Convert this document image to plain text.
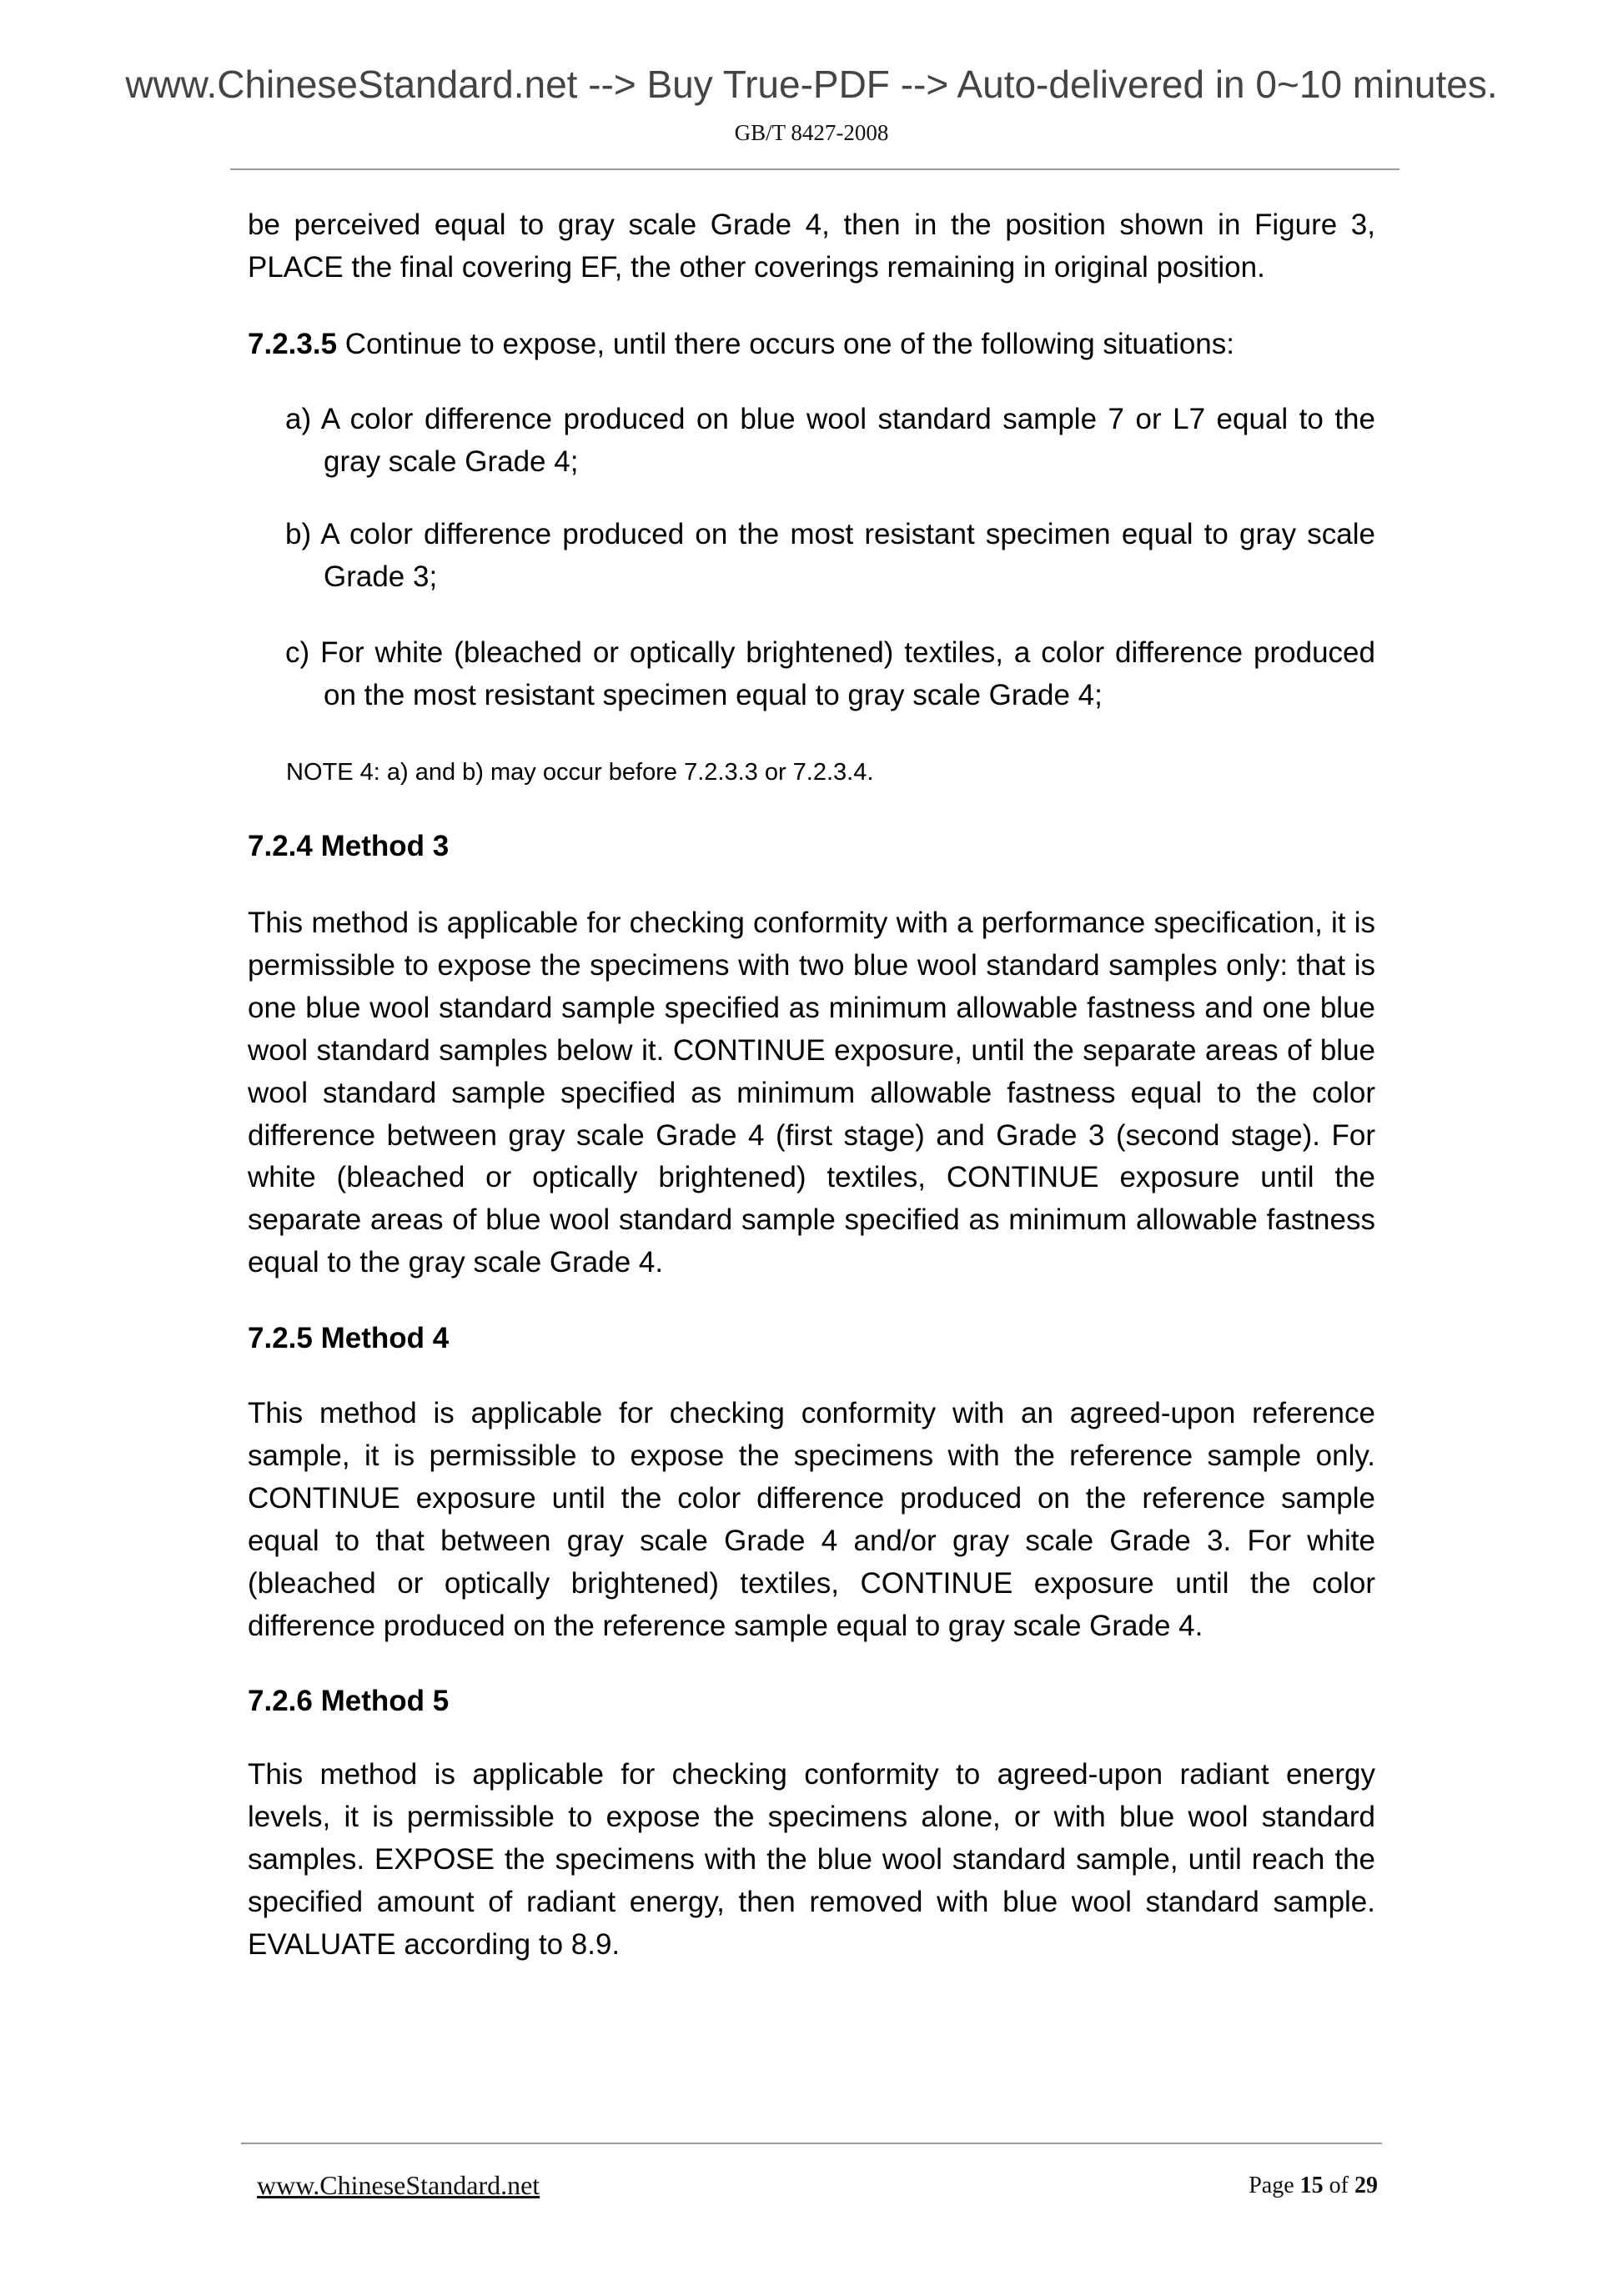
www.ChineseStandard.net --> Buy True-PDF --> Auto-delivered in 0~10 minutes.
GB/T 8427-2008

be perceived equal to gray scale Grade 4, then in the position shown in Figure 3, PLACE the final covering EF, the other coverings remaining in original position.

7.2.3.5 Continue to expose, until there occurs one of the following situations:

a) A color difference produced on blue wool standard sample 7 or L7 equal to the gray scale Grade 4;

b) A color difference produced on the most resistant specimen equal to gray scale Grade 3;

c) For white (bleached or optically brightened) textiles, a color difference produced on the most resistant specimen equal to gray scale Grade 4;

NOTE 4: a) and b) may occur before 7.2.3.3 or 7.2.3.4.

7.2.4 Method 3

This method is applicable for checking conformity with a performance specification, it is permissible to expose the specimens with two blue wool standard samples only: that is one blue wool standard sample specified as minimum allowable fastness and one blue wool standard samples below it. CONTINUE exposure, until the separate areas of blue wool standard sample specified as minimum allowable fastness equal to the color difference between gray scale Grade 4 (first stage) and Grade 3 (second stage). For white (bleached or optically brightened) textiles, CONTINUE exposure until the separate areas of blue wool standard sample specified as minimum allowable fastness equal to the gray scale Grade 4.

7.2.5 Method 4

This method is applicable for checking conformity with an agreed-upon reference sample, it is permissible to expose the specimens with the reference sample only. CONTINUE exposure until the color difference produced on the reference sample equal to that between gray scale Grade 4 and/or gray scale Grade 3. For white (bleached or optically brightened) textiles, CONTINUE exposure until the color difference produced on the reference sample equal to gray scale Grade 4.

7.2.6 Method 5

This method is applicable for checking conformity to agreed-upon radiant energy levels, it is permissible to expose the specimens alone, or with blue wool standard samples. EXPOSE the specimens with the blue wool standard sample, until reach the specified amount of radiant energy, then removed with blue wool standard sample. EVALUATE according to 8.9.

www.ChineseStandard.net	Page 15 of 29
